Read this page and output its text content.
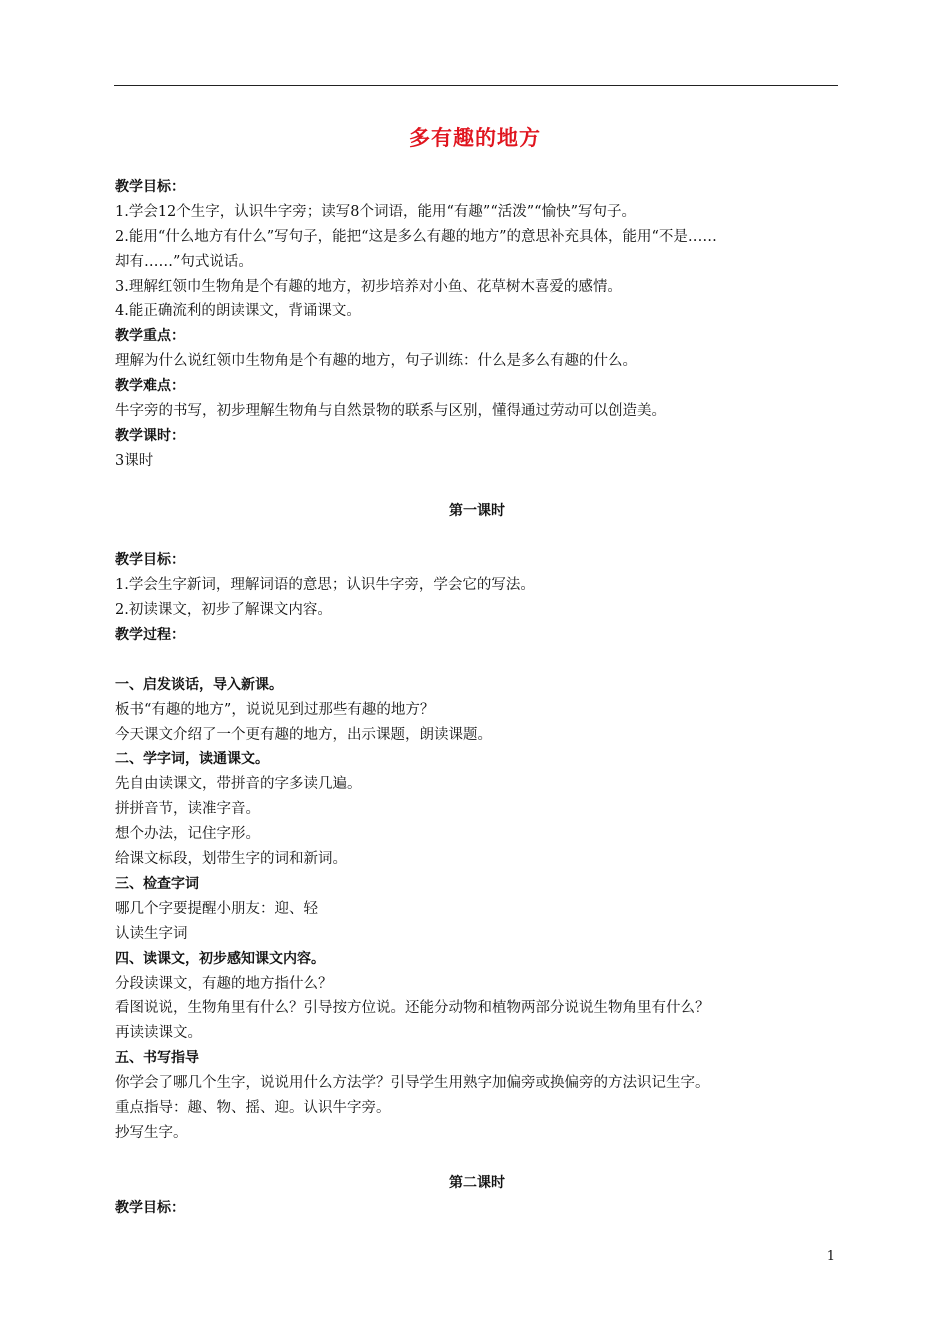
多有趣的地方
教学目标：
1.学会12个生字，认识牛字旁；读写8个词语，能用“有趣”“活泼”“愉快”写句子。
2.能用“什么地方有什么”写句子，能把“这是多么有趣的地方”的意思补充具体，能用“不是……
却有……”句式说话。
3.理解红领巾生物角是个有趣的地方，初步培养对小鱼、花草树木喜爱的感情。
4.能正确流利的朗读课文，背诵课文。
教学重点：
理解为什么说红领巾生物角是个有趣的地方，句子训练：什么是多么有趣的什么。
教学难点：
牛字旁的书写，初步理解生物角与自然景物的联系与区别，懂得通过劳动可以创造美。
教学课时：
3课时
第一课时
教学目标：
1.学会生字新词，理解词语的意思；认识牛字旁，学会它的写法。
2.初读课文，初步了解课文内容。
教学过程：
一、启发谈话，导入新课。
板书“有趣的地方”，说说见到过那些有趣的地方？
今天课文介绍了一个更有趣的地方，出示课题，朗读课题。
二、学字词，读通课文。
先自由读课文，带拼音的字多读几遍。
拼拼音节，读准字音。
想个办法，记住字形。
给课文标段，划带生字的词和新词。
三、检查字词
哪几个字要提醒小朋友：迎、轻
认读生字词
四、读课文，初步感知课文内容。
分段读课文，有趣的地方指什么？
看图说说，生物角里有什么？引导按方位说。还能分动物和植物两部分说说生物角里有什么？
再读读课文。
五、书写指导
你学会了哪几个生字，说说用什么方法学？引导学生用熟字加偏旁或换偏旁的方法识记生字。
重点指导：趣、物、摇、迎。认识牛字旁。
抄写生字。
第二课时
教学目标：
1
